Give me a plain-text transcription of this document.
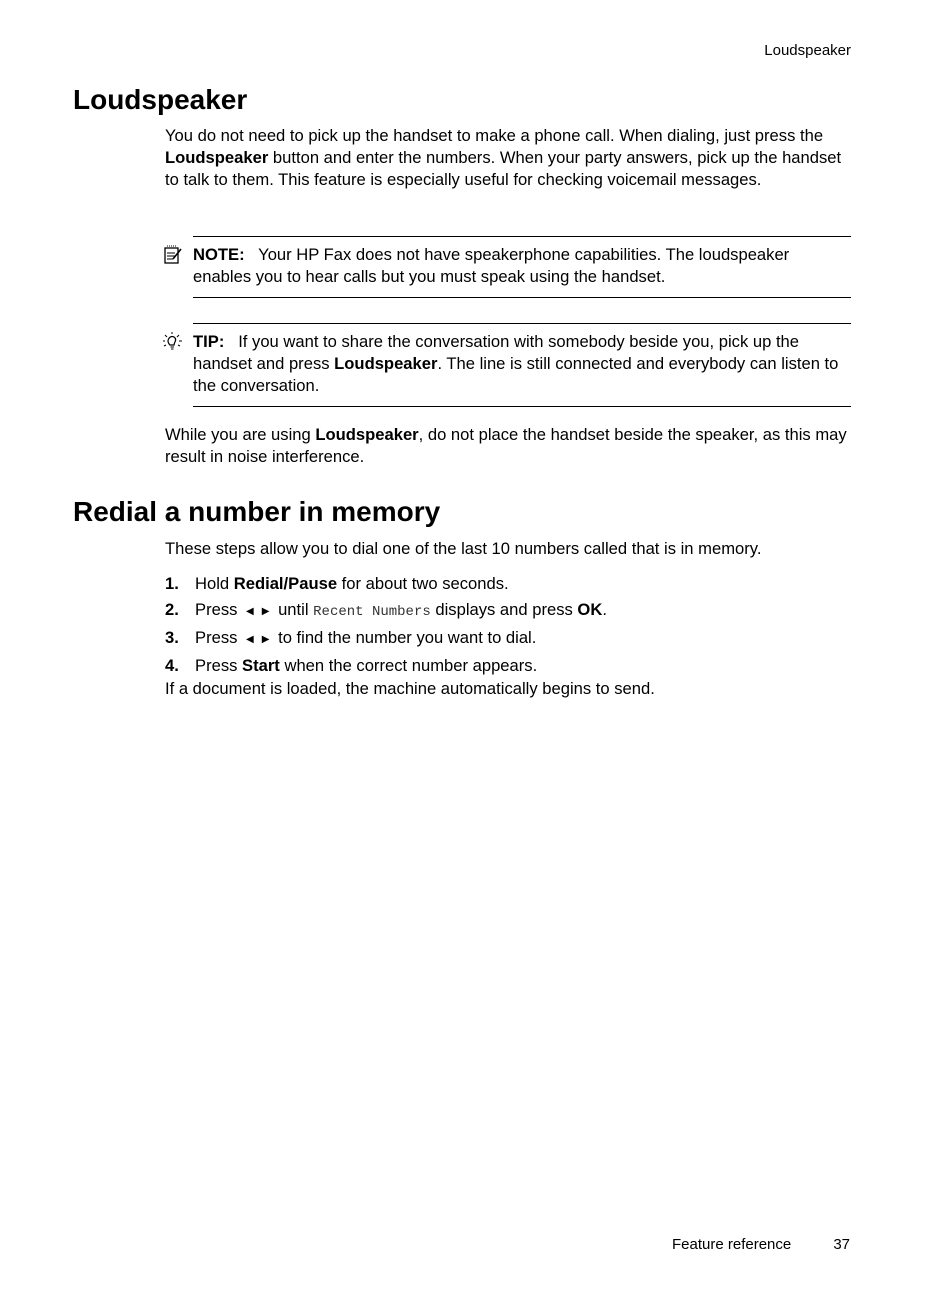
Loudspeaker
Loudspeaker

You do not need to pick up the handset to make a phone call. When dialing, just press the Loudspeaker button and enter the numbers. When your party answers, pick up the handset to talk to them. This feature is especially useful for checking voicemail messages.

NOTE: Your HP Fax does not have speakerphone capabilities. The loudspeaker enables you to hear calls but you must speak using the handset.
TIP: If you want to share the conversation with somebody beside you, pick up the handset and press Loudspeaker. The line is still connected and everybody can listen to the conversation.

While you are using Loudspeaker, do not place the handset beside the speaker, as this may result in noise interference.

Redial a number in memory

These steps allow you to dial one of the last 10 numbers called that is in memory.

1. Hold Redial/Pause for about two seconds.
2. Press ◀ ▶ until Recent Numbers displays and press OK.
3. Press ◀ ▶ to find the number you want to dial.
4. Press Start when the correct number appears.

If a document is loaded, the machine automatically begins to send.

Feature reference	37
